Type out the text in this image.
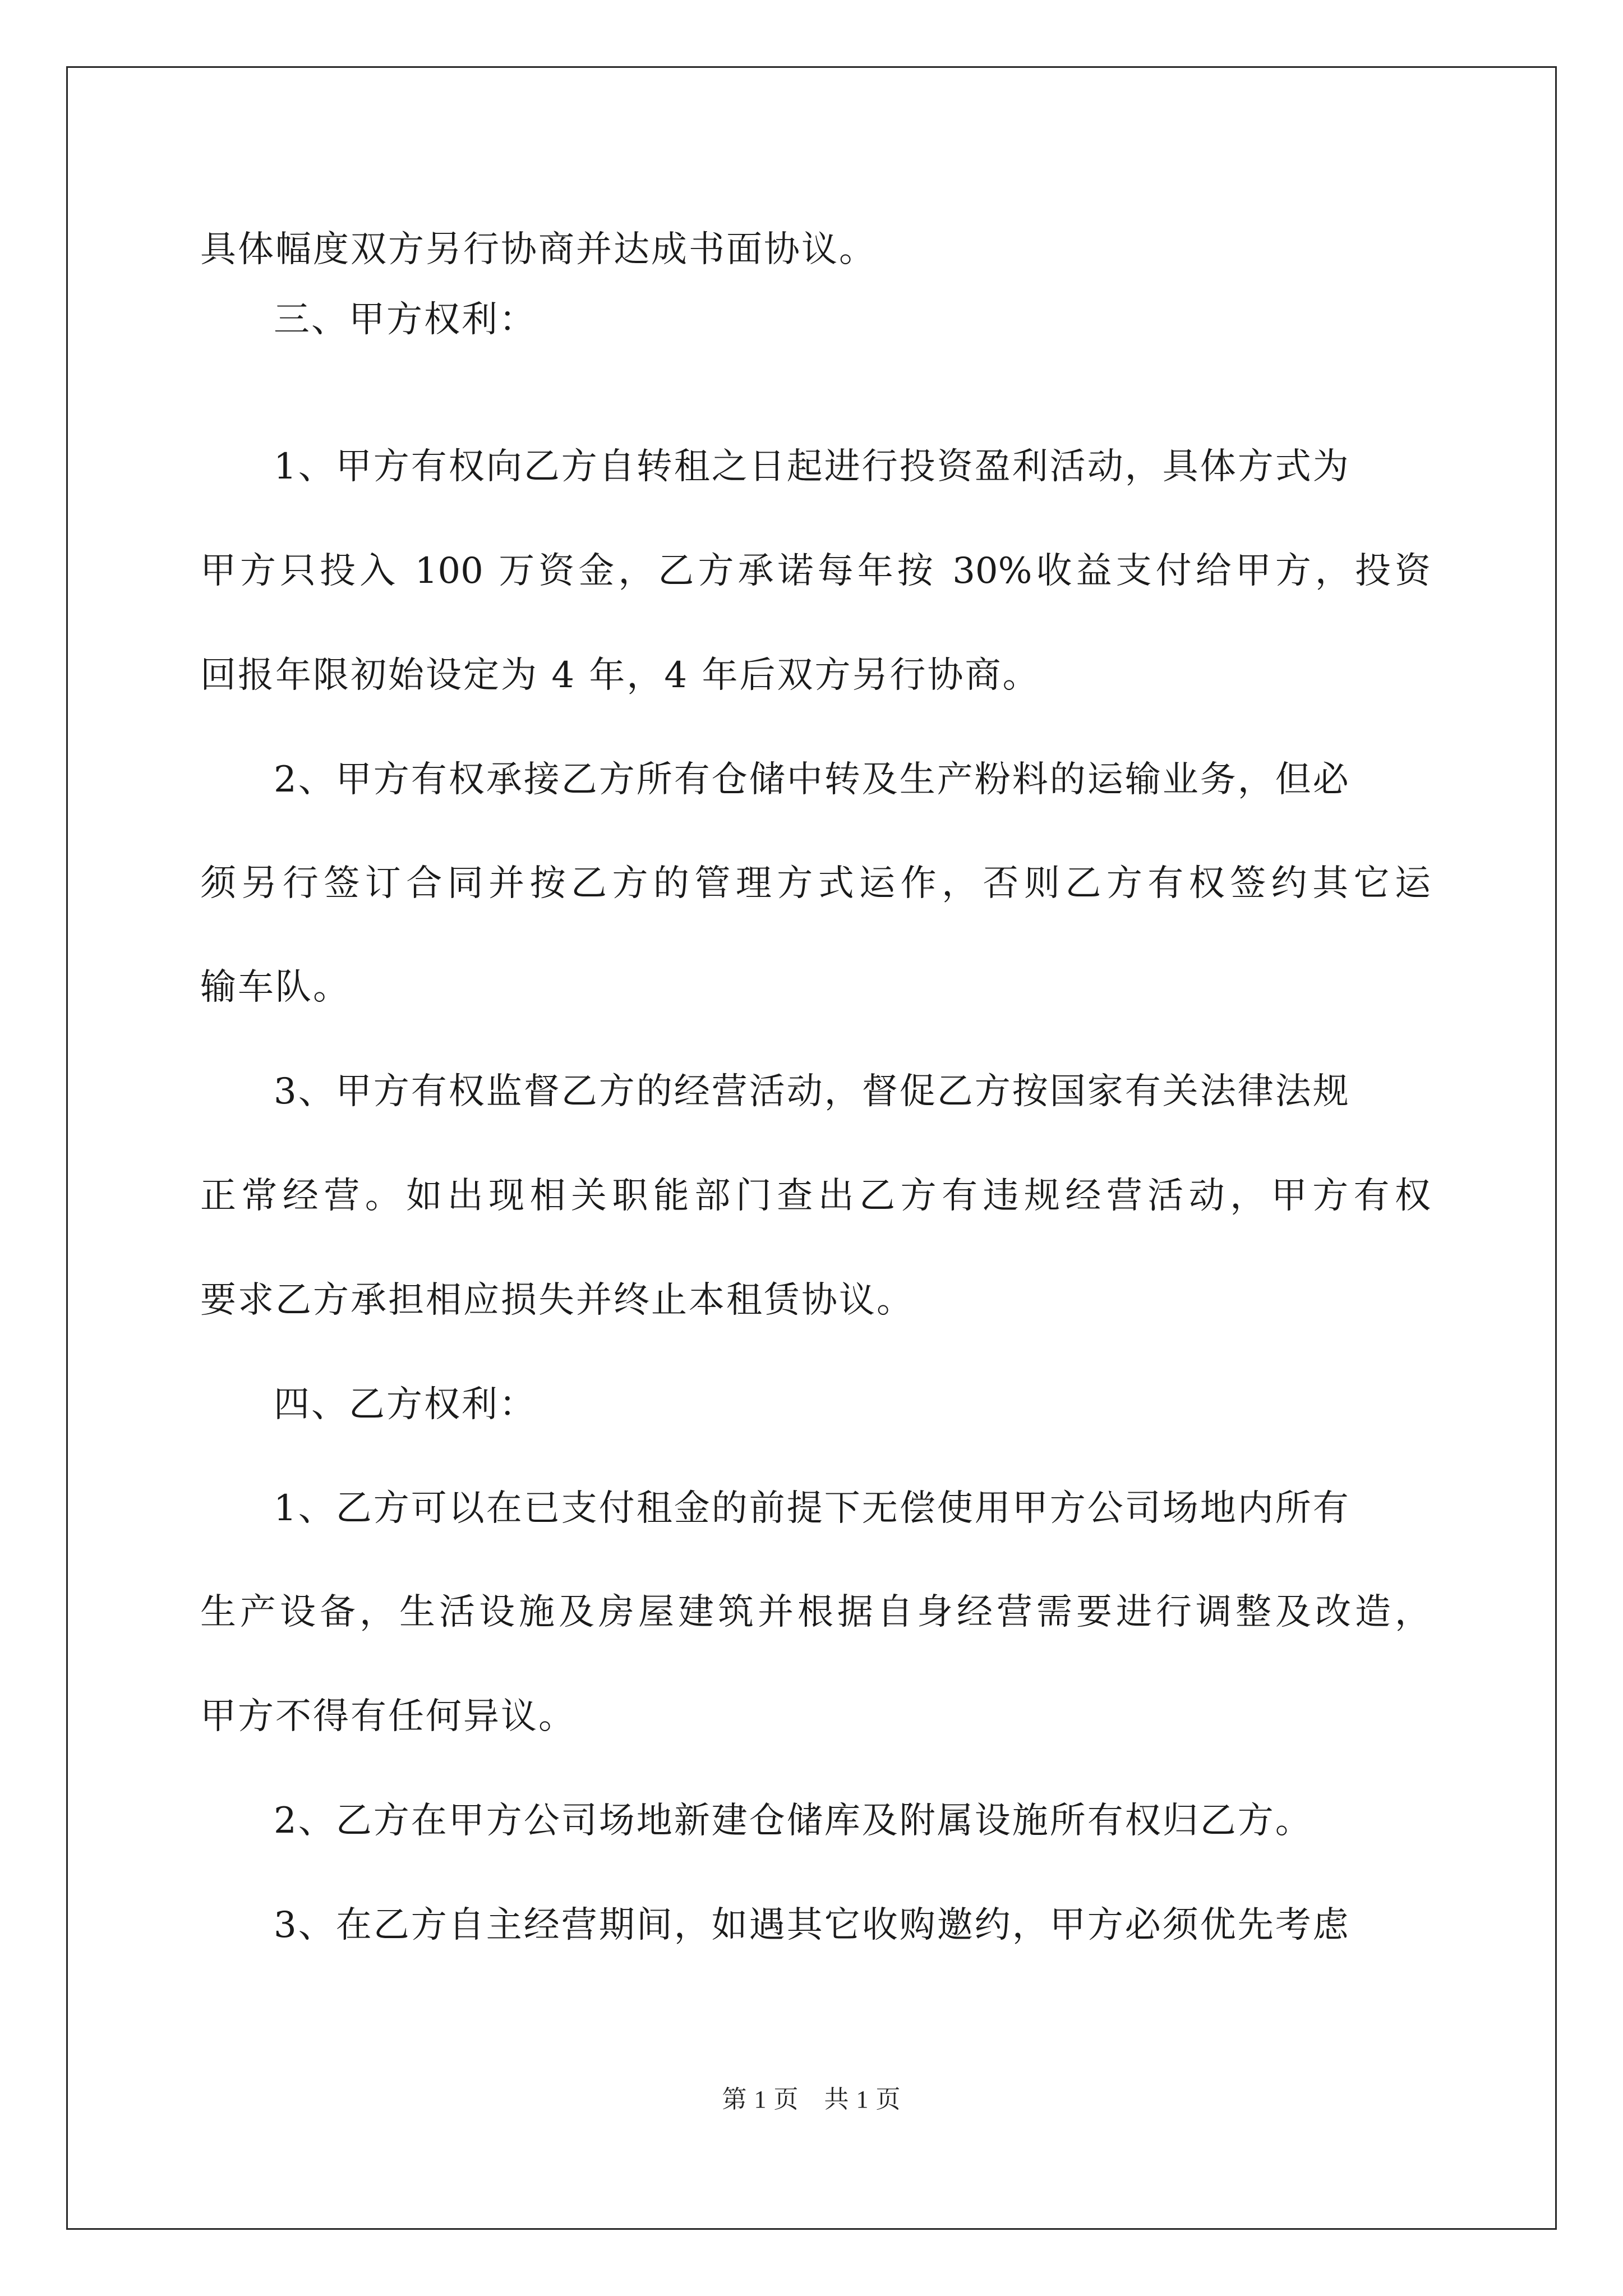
具体幅度双方另行协商并达成书面协议。
三、甲方权利：
1、甲方有权向乙方自转租之日起进行投资盈利活动，具体方式为
甲方只投入 100 万资金，乙方承诺每年按 30%收益支付给甲方，投资
回报年限初始设定为 4 年，4 年后双方另行协商。
2、甲方有权承接乙方所有仓储中转及生产粉料的运输业务，但必
须另行签订合同并按乙方的管理方式运作，否则乙方有权签约其它运
输车队。
3、甲方有权监督乙方的经营活动，督促乙方按国家有关法律法规
正常经营。如出现相关职能部门查出乙方有违规经营活动，甲方有权
要求乙方承担相应损失并终止本租赁协议。
四、乙方权利：
1、乙方可以在已支付租金的前提下无偿使用甲方公司场地内所有
生产设备，生活设施及房屋建筑并根据自身经营需要进行调整及改造，
甲方不得有任何异议。
2、乙方在甲方公司场地新建仓储库及附属设施所有权归乙方。
3、在乙方自主经营期间，如遇其它收购邀约，甲方必须优先考虑
第 1 页　共 1 页
